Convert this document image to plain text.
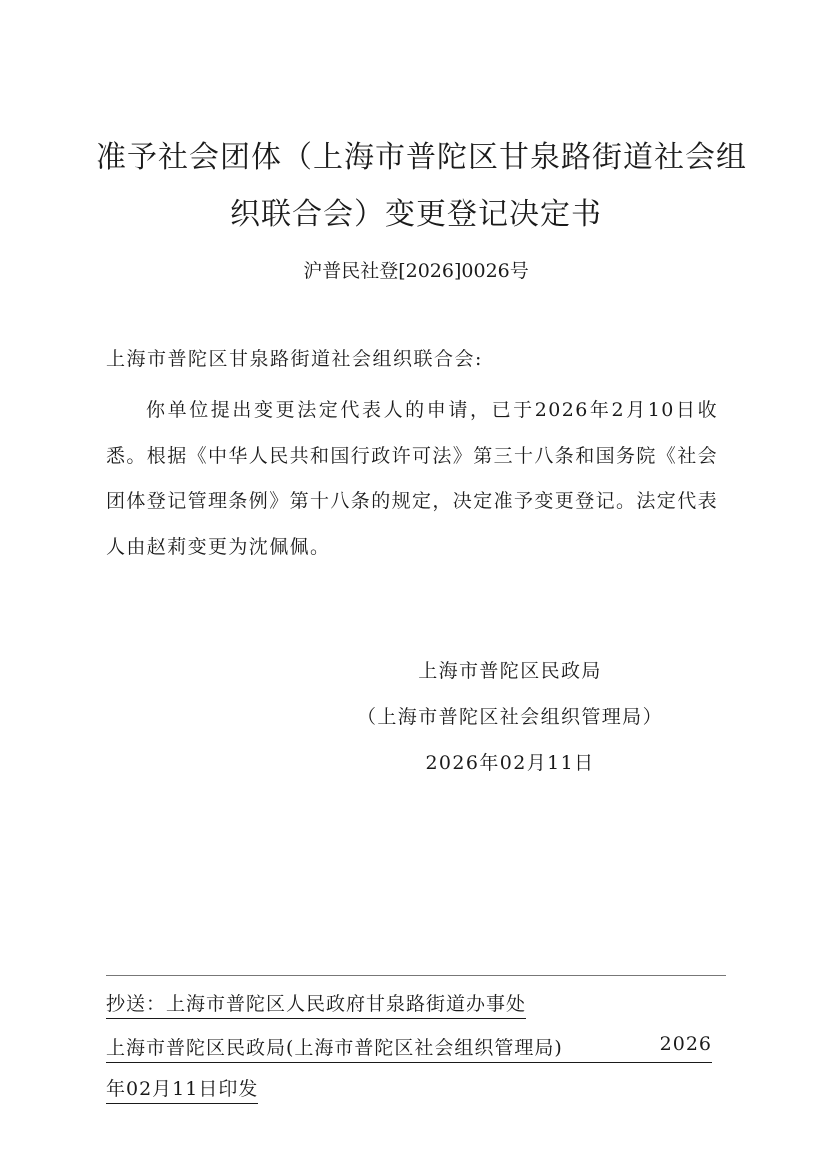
准予社会团体（上海市普陀区甘泉路街道社会组
织联合会）变更登记决定书
沪普民社登[2026]0026号
上海市普陀区甘泉路街道社会组织联合会:

你单位提出变更法定代表人的申请，已于2026年2月10日收悉。根据《中华人民共和国行政许可法》第三十八条和国务院《社会团体登记管理条例》第十八条的规定，决定准予变更登记。法定代表人由赵莉变更为沈佩佩。

上海市普陀区民政局
（上海市普陀区社会组织管理局）
2026年02月11日
抄送：上海市普陀区人民政府甘泉路街道办事处
上海市普陀区民政局(上海市普陀区社会组织管理局)	2026
年02月11日印发
